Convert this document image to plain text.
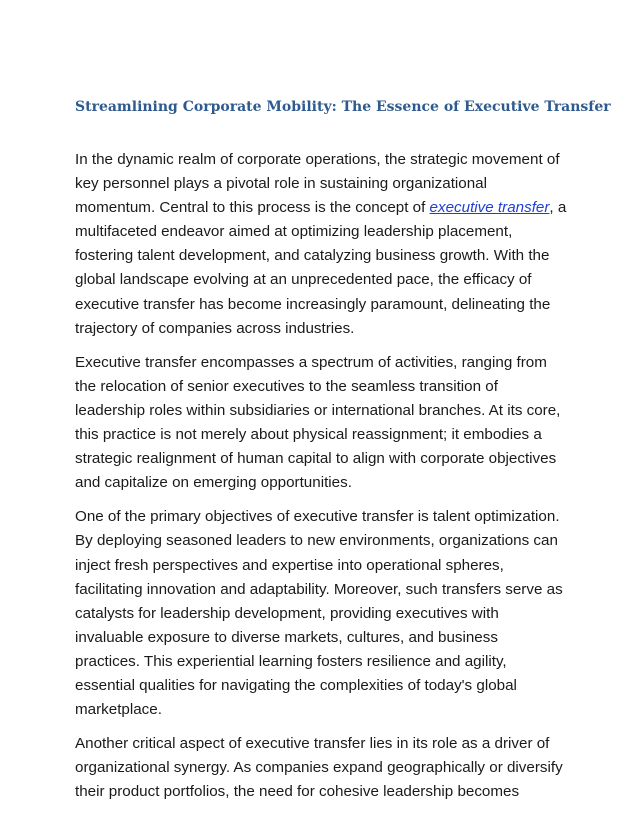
Streamlining Corporate Mobility: The Essence of Executive Transfer

In the dynamic realm of corporate operations, the strategic movement of key personnel plays a pivotal role in sustaining organizational momentum. Central to this process is the concept of executive transfer, a multifaceted endeavor aimed at optimizing leadership placement, fostering talent development, and catalyzing business growth. With the global landscape evolving at an unprecedented pace, the efficacy of executive transfer has become increasingly paramount, delineating the trajectory of companies across industries.

Executive transfer encompasses a spectrum of activities, ranging from the relocation of senior executives to the seamless transition of leadership roles within subsidiaries or international branches. At its core, this practice is not merely about physical reassignment; it embodies a strategic realignment of human capital to align with corporate objectives and capitalize on emerging opportunities.

One of the primary objectives of executive transfer is talent optimization. By deploying seasoned leaders to new environments, organizations can inject fresh perspectives and expertise into operational spheres, facilitating innovation and adaptability. Moreover, such transfers serve as catalysts for leadership development, providing executives with invaluable exposure to diverse markets, cultures, and business practices. This experiential learning fosters resilience and agility, essential qualities for navigating the complexities of today's global marketplace.

Another critical aspect of executive transfer lies in its role as a driver of organizational synergy. As companies expand geographically or diversify their product portfolios, the need for cohesive leadership becomes
